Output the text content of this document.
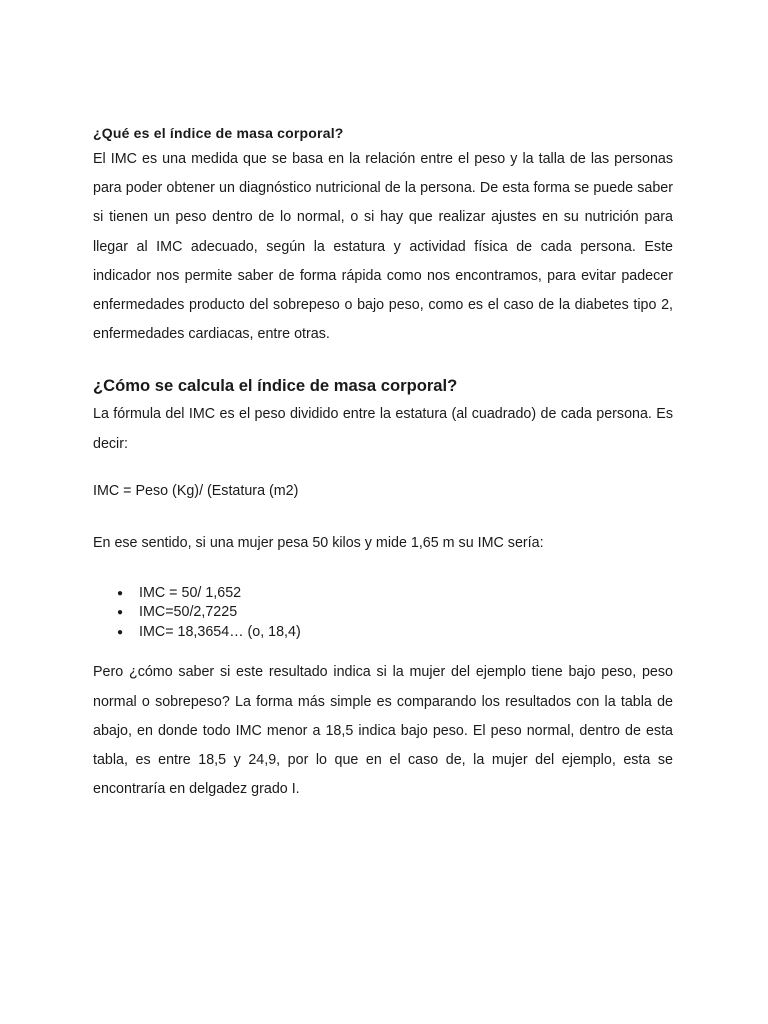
¿Qué es el índice de masa corporal?

El IMC es una medida que se basa en la relación entre el peso y la talla de las personas para poder obtener un diagnóstico nutricional de la persona. De esta forma se puede saber si tienen un peso dentro de lo normal, o si hay que realizar ajustes en su nutrición para llegar al IMC adecuado, según la estatura y actividad física de cada persona. Este indicador nos permite saber de forma rápida como nos encontramos, para evitar padecer enfermedades producto del sobrepeso o bajo peso, como es el caso de la diabetes tipo 2, enfermedades cardiacas, entre otras.

¿Cómo se calcula el índice de masa corporal?

La fórmula del IMC es el peso dividido entre la estatura (al cuadrado) de cada persona. Es decir:

IMC = Peso (Kg)/ (Estatura (m2)

En ese sentido, si una mujer pesa 50 kilos y mide 1,65 m su IMC sería:

● IMC = 50/ 1,652
● IMC=50/2,7225
● IMC= 18,3654… (o, 18,4)

Pero ¿cómo saber si este resultado indica si la mujer del ejemplo tiene bajo peso, peso normal o sobrepeso? La forma más simple es comparando los resultados con la tabla de abajo, en donde todo IMC menor a 18,5 indica bajo peso. El peso normal, dentro de esta tabla, es entre 18,5 y 24,9, por lo que en el caso de, la mujer del ejemplo, esta se encontraría en delgadez grado I.
